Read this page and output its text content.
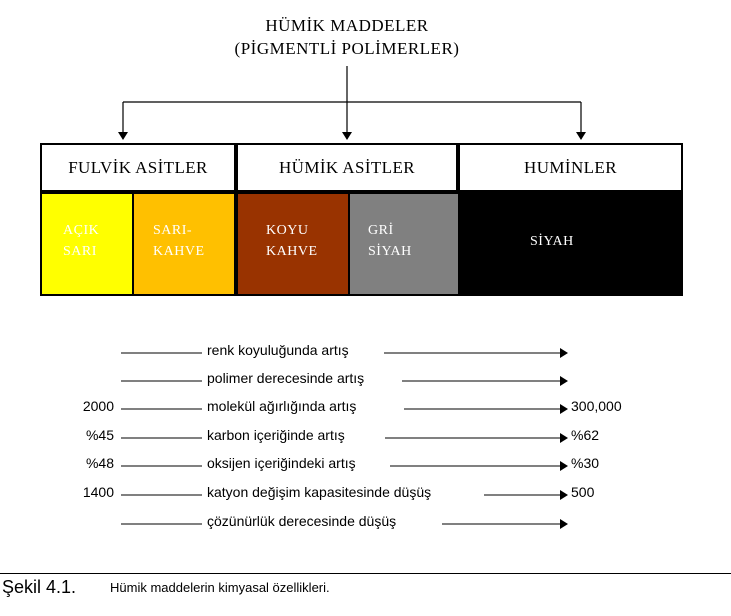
HÜMİK MADDELER
(PİGMENTLİ POLİMERLER)
FULVİK ASİTLER	HÜMİK ASİTLER	HUMİNLER
AÇIK
SARI
SARI-
KAHVE
KOYU
KAHVE
GRİ
SİYAH
SİYAH
renk koyuluğunda artış
polimer derecesinde artış
2000	molekül ağırlığında artış	300,000
%45	karbon içeriğinde artış	%62
%48	oksijen içeriğindeki artış	%30
1400	katyon değişim kapasitesinde düşüş	500
çözünürlük derecesinde düşüş
Şekil 4.1.	Hümik maddelerin kimyasal özellikleri.
